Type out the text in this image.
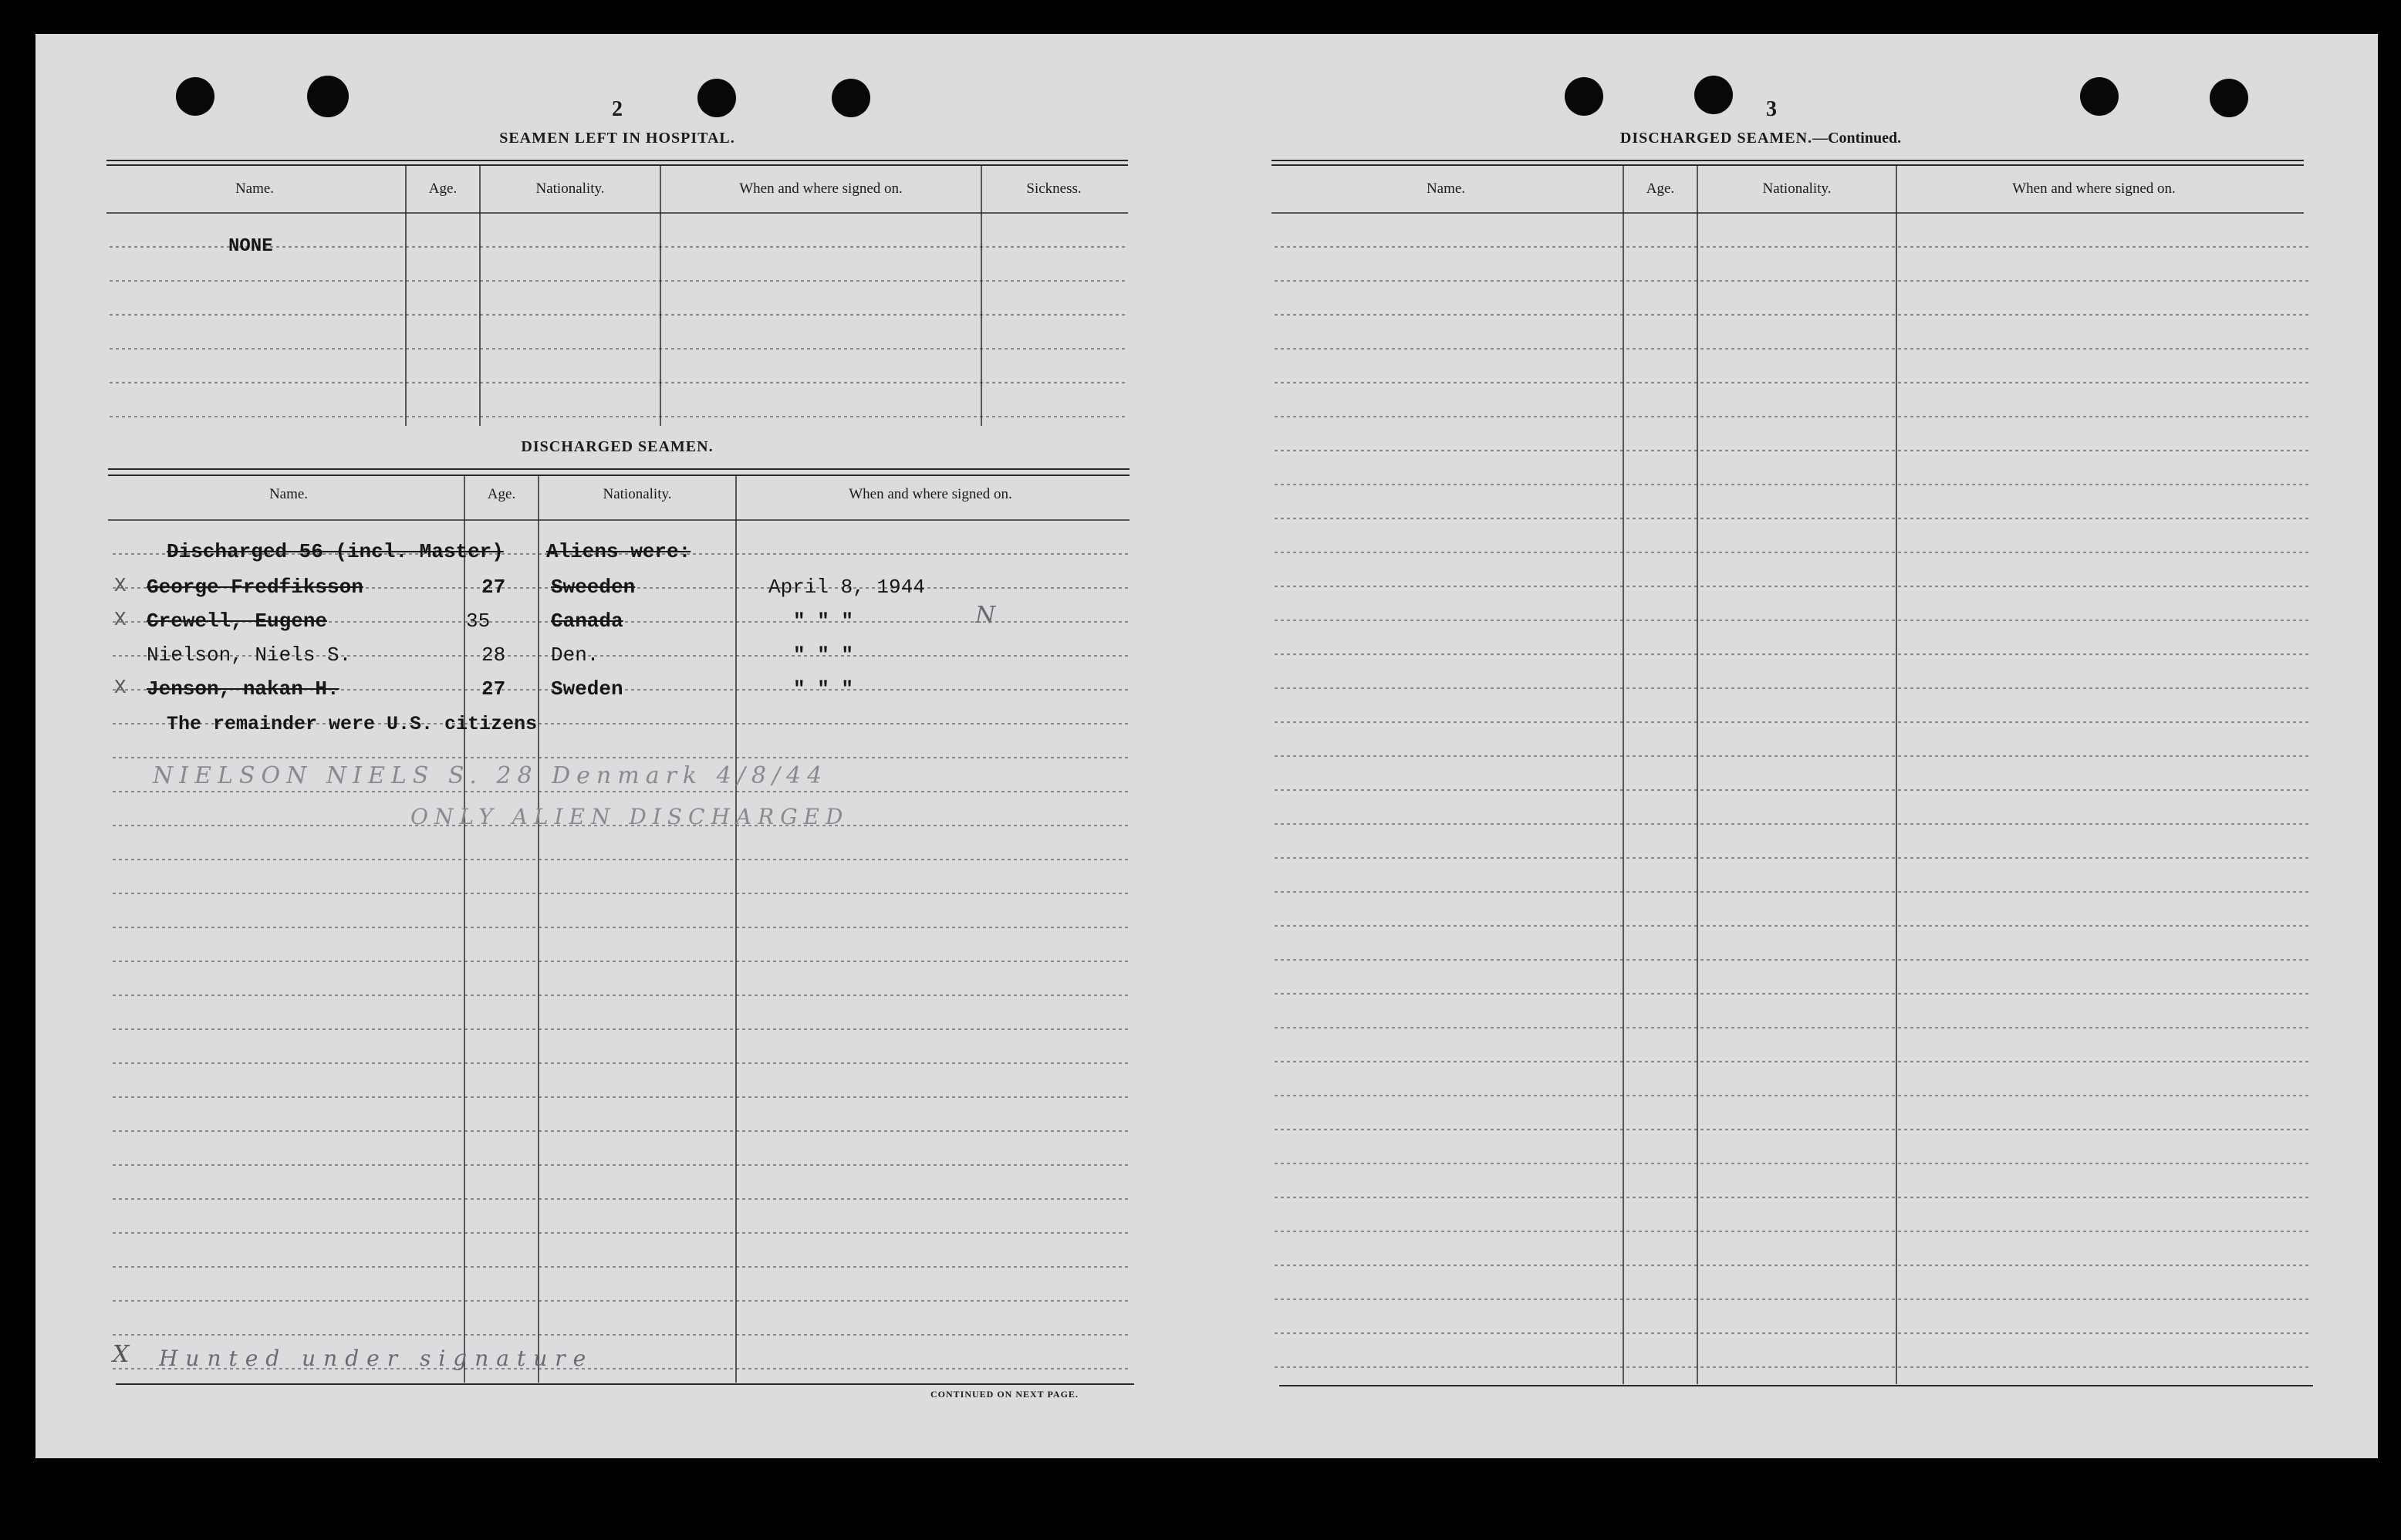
2
SEAMEN LEFT IN HOSPITAL.
Name.	Age.	Nationality.	When and where signed on.	Sickness.
NONE
DISCHARGED SEAMEN.
Name.	Age.	Nationality.	When and where signed on.
Discharged 56 (incl. Master) Aliens were:
X George Fredfiksson	27 Sweeden	April 8, 1944
X Crewell, Eugene	35	Canada	" " "	N
Nielson, Niels S.	28 Den.	" " "
X Jenson, nakan H.	27 Sweden	" " "
The remainder were U.S. citizens
NIELSON NIELS S. 28 Denmark 4/8/44
ONLY ALIEN DISCHARGED
X Hunted under signature
CONTINUED ON NEXT PAGE.
3
DISCHARGED SEAMEN.—Continued.
Name.	Age.	Nationality.	When and where signed on.
